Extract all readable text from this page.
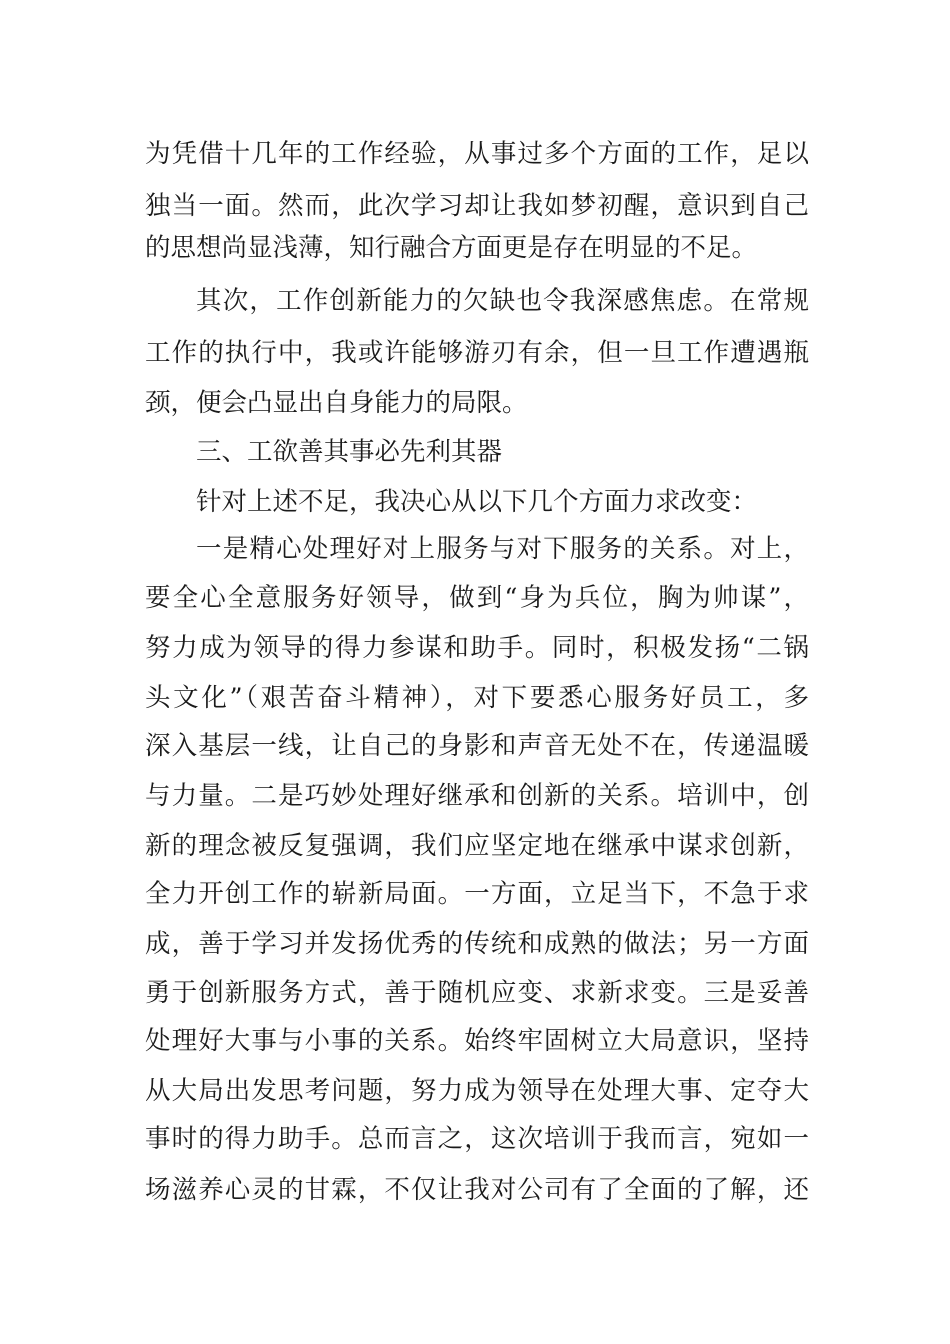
为凭借十几年的工作经验，从事过多个方面的工作，足以
独当一面。然而，此次学习却让我如梦初醒，意识到自己
的思想尚显浅薄，知行融合方面更是存在明显的不足。
其次，工作创新能力的欠缺也令我深感焦虑。在常规
工作的执行中，我或许能够游刃有余，但一旦工作遭遇瓶
颈，便会凸显出自身能力的局限。
三、工欲善其事必先利其器
针对上述不足，我决心从以下几个方面力求改变：
一是精心处理好对上服务与对下服务的关系。对上，
要全心全意服务好领导，做到“身为兵位，胸为帅谋”，
努力成为领导的得力参谋和助手。同时，积极发扬“二锅
头文化”（艰苦奋斗精神），对下要悉心服务好员工，多
深入基层一线，让自己的身影和声音无处不在，传递温暖
与力量。二是巧妙处理好继承和创新的关系。培训中，创
新的理念被反复强调，我们应坚定地在继承中谋求创新，
全力开创工作的崭新局面。一方面，立足当下，不急于求
成，善于学习并发扬优秀的传统和成熟的做法；另一方面
勇于创新服务方式，善于随机应变、求新求变。三是妥善
处理好大事与小事的关系。始终牢固树立大局意识，坚持
从大局出发思考问题，努力成为领导在处理大事、定夺大
事时的得力助手。总而言之，这次培训于我而言，宛如一
场滋养心灵的甘霖，不仅让我对公司有了全面的了解，还
